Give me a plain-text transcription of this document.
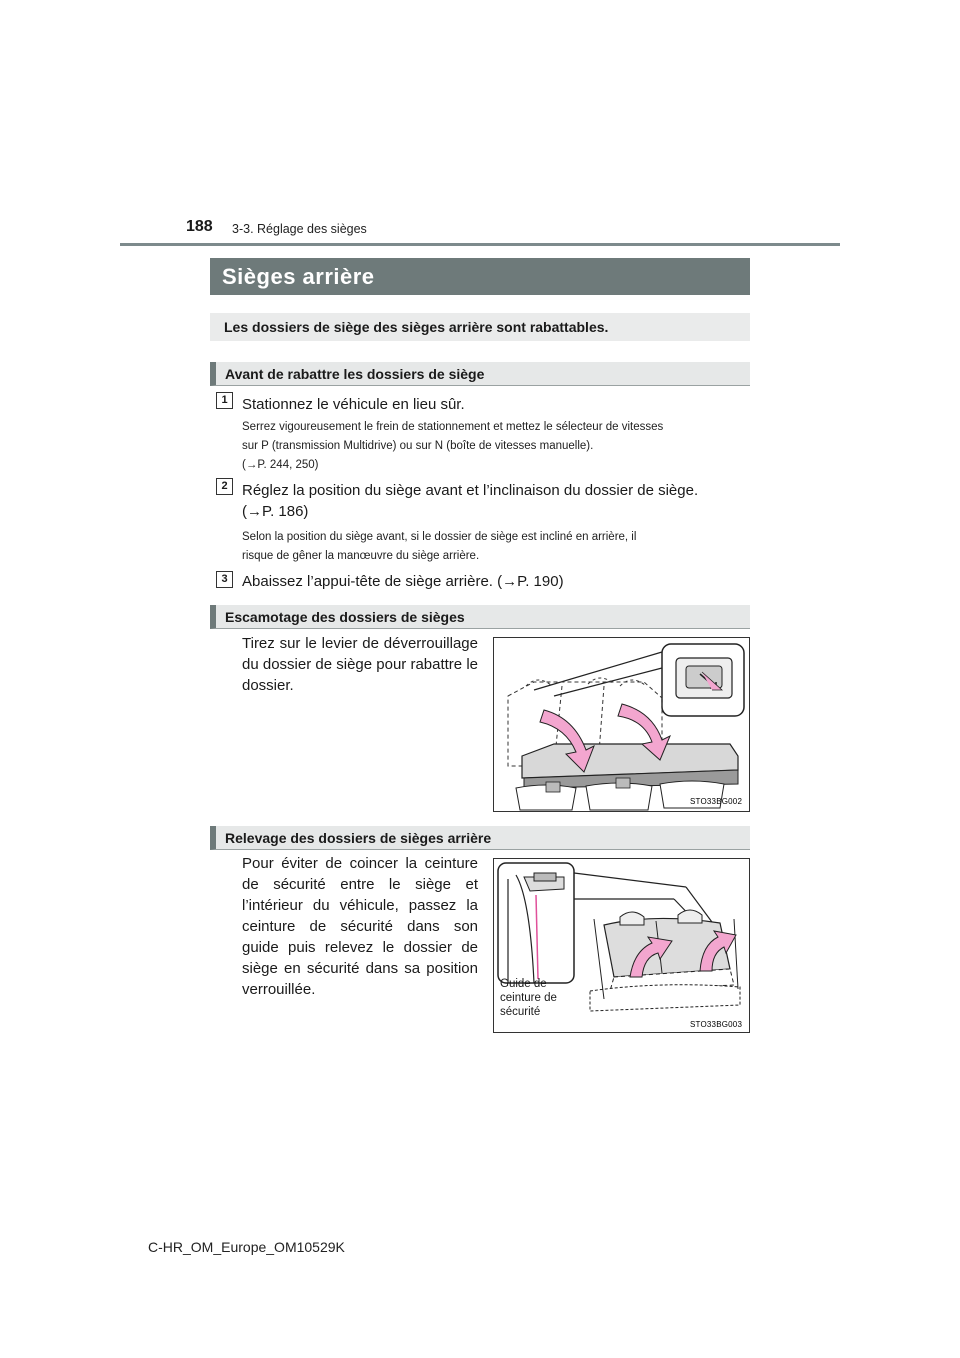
188 3-3. Réglage des sièges
Sièges arrière
Les dossiers de siège des sièges arrière sont rabattables.
Avant de rabattre les dossiers de siège
1 Stationnez le véhicule en lieu sûr.
Serrez vigoureusement le frein de stationnement et mettez le sélecteur de vitesses
sur P (transmission Multidrive) ou sur N (boîte de vitesses manuelle).
(→P. 244, 250)
2 Réglez la position du siège avant et l’inclinaison du dossier de siège.
(→P. 186)
Selon la position du siège avant, si le dossier de siège est incliné en arrière, il
risque de gêner la manœuvre du siège arrière.
3 Abaissez l’appui-tête de siège arrière. (→P. 190)
Escamotage des dossiers de sièges
Tirez sur le levier de déverrouillage du dossier de siège pour rabattre le dossier.
STO33BG002
Relevage des dossiers de sièges arrière
Pour éviter de coincer la ceinture de sécurité entre le siège et l’intérieur du véhicule, passez la ceinture de sécurité dans son guide puis relevez le dossier de siège en sécurité dans sa position verrouillée.
STO33BG003
Guide de
ceinture de
sécurité
C-HR_OM_Europe_OM10529K
